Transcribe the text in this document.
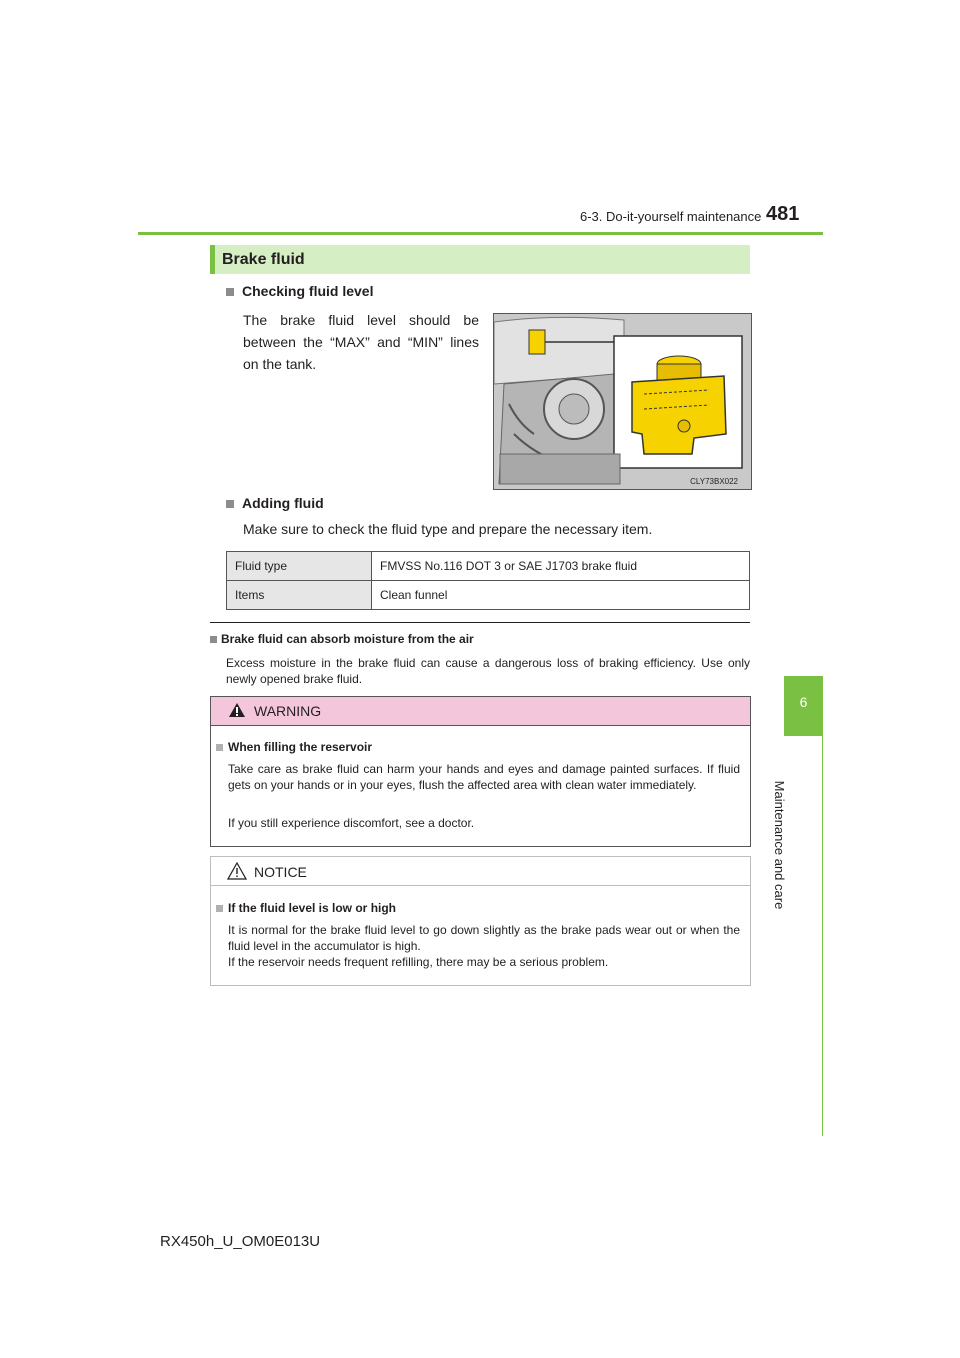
6-3. Do-it-yourself maintenance 481
6
Maintenance and care
Brake fluid
Checking fluid level
The brake fluid level should be between the “MAX” and “MIN” lines on the tank.
CLY73BX022
Adding fluid
Make sure to check the fluid type and prepare the necessary item.
Fluid type	FMVSS No.116 DOT 3 or SAE J1703 brake fluid
Items	Clean funnel
Brake fluid can absorb moisture from the air
Excess moisture in the brake fluid can cause a dangerous loss of braking efficiency. Use only newly opened brake fluid.
WARNING
When filling the reservoir
Take care as brake fluid can harm your hands and eyes and damage painted surfaces. If fluid gets on your hands or in your eyes, flush the affected area with clean water immediately.
If you still experience discomfort, see a doctor.
NOTICE
If the fluid level is low or high
It is normal for the brake fluid level to go down slightly as the brake pads wear out or when the fluid level in the accumulator is high.
If the reservoir needs frequent refilling, there may be a serious problem.
RX450h_U_OM0E013U
